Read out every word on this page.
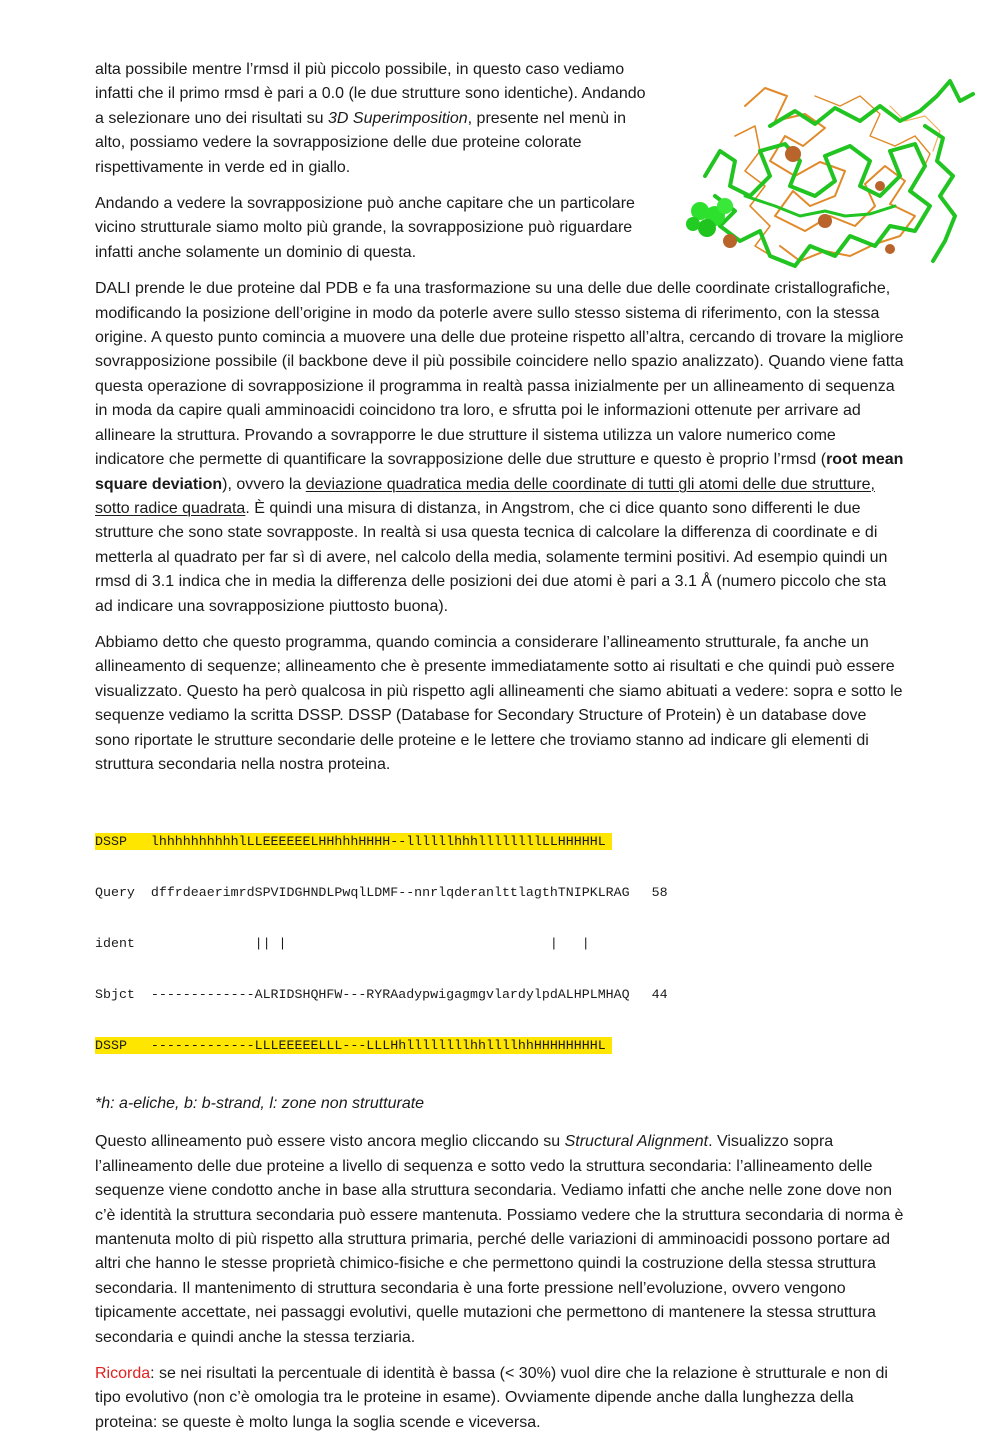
alta possibile mentre l’rmsd il più piccolo possibile, in questo caso vediamo infatti che il primo rmsd è pari a 0.0 (le due strutture sono identiche). Andando a selezionare uno dei risultati su 3D Superimposition, presente nel menù in alto, possiamo vedere la sovrapposizione delle due proteine colorate rispettivamente in verde ed in giallo.

Andando a vedere la sovrapposizione può anche capitare che un particolare vicino strutturale siamo molto più grande, la sovrapposizione può riguardare infatti anche solamente un dominio di questa.

DALI prende le due proteine dal PDB e fa una trasformazione su una delle due delle coordinate cristallografiche, modificando la posizione dell’origine in modo da poterle avere sullo stesso sistema di riferimento, con la stessa origine. A questo punto comincia a muovere una delle due proteine rispetto all’altra, cercando di trovare la migliore sovrapposizione possibile (il backbone deve il più possibile coincidere nello spazio analizzato). Quando viene fatta questa operazione di sovrapposizione il programma in realtà passa inizialmente per un allineamento di sequenza in moda da capire quali amminoacidi coincidono tra loro, e sfrutta poi le informazioni ottenute per arrivare ad allineare la struttura. Provando a sovrapporre le due strutture il sistema utilizza un valore numerico come indicatore che permette di quantificare la sovrapposizione delle due strutture e questo è proprio l’rmsd (root mean square deviation), ovvero la deviazione quadratica media delle coordinate di tutti gli atomi delle due strutture, sotto radice quadrata. È quindi una misura di distanza, in Angstrom, che ci dice quanto sono differenti le due strutture che sono state sovrapposte. In realtà si usa questa tecnica di calcolare la differenza di coordinate e di metterla al quadrato per far sì di avere, nel calcolo della media, solamente termini positivi. Ad esempio quindi un rmsd di 3.1 indica che in media la differenza delle posizioni dei due atomi è pari a 3.1 Å (numero piccolo che sta ad indicare una sovrapposizione piuttosto buona).

Abbiamo detto che questo programma, quando comincia a considerare l’allineamento strutturale, fa anche un allineamento di sequenze; allineamento che è presente immediatamente sotto ai risultati e che quindi può essere visualizzato. Questo ha però qualcosa in più rispetto agli allineamenti che siamo abituati a vedere: sopra e sotto le sequenze vediamo la scritta DSSP. DSSP (Database for Secondary Structure of Protein) è un database dove sono riportate le strutture secondarie delle proteine e le lettere che troviamo stanno ad indicare gli elementi di struttura secondaria nella nostra proteina.

DSSP   lhhhhhhhhhhlLLEEEEEELHHhhhHHHH--llllllhhhllllllllLLHHHHHL

Query  dffrdeaerimrdSPVIDGHNDLPwqlLDMF--nnrlqderanlttlagthTNIPKLRAG	58

ident               || |                                 |   |

Sbjct  -------------ALRIDSHQHFW---RYRAadypwigagmgvlardylpdALHPLMHAQ	44

DSSP   -------------LLLEEEEELLL---LLLHhllllllllhhllllhhHHHHHHHHL

*h: a-eliche, b: b-strand, l: zone non strutturate

Questo allineamento può essere visto ancora meglio cliccando su Structural Alignment. Visualizzo sopra l’allineamento delle due proteine a livello di sequenza e sotto vedo la struttura secondaria: l’allineamento delle sequenze viene condotto anche in base alla struttura secondaria. Vediamo infatti che anche nelle zone dove non c’è identità la struttura secondaria può essere mantenuta. Possiamo vedere che la struttura secondaria di norma è mantenuta molto di più rispetto alla struttura primaria, perché delle variazioni di amminoacidi possono portare ad altri che hanno le stesse proprietà chimico-fisiche e che permettono quindi la costruzione della stessa struttura secondaria. Il mantenimento di struttura secondaria è una forte pressione nell’evoluzione, ovvero vengono tipicamente accettate, nei passaggi evolutivi, quelle mutazioni che permettono di mantenere la stessa struttura secondaria e quindi anche la stessa terziaria.

Ricorda: se nei risultati la percentuale di identità è bassa (< 30%) vuol dire che la relazione è strutturale e non di tipo evolutivo (non c’è omologia tra le proteine in esame). Ovviamente dipende anche dalla lunghezza della proteina: se queste è molto lunga la soglia scende e viceversa.
